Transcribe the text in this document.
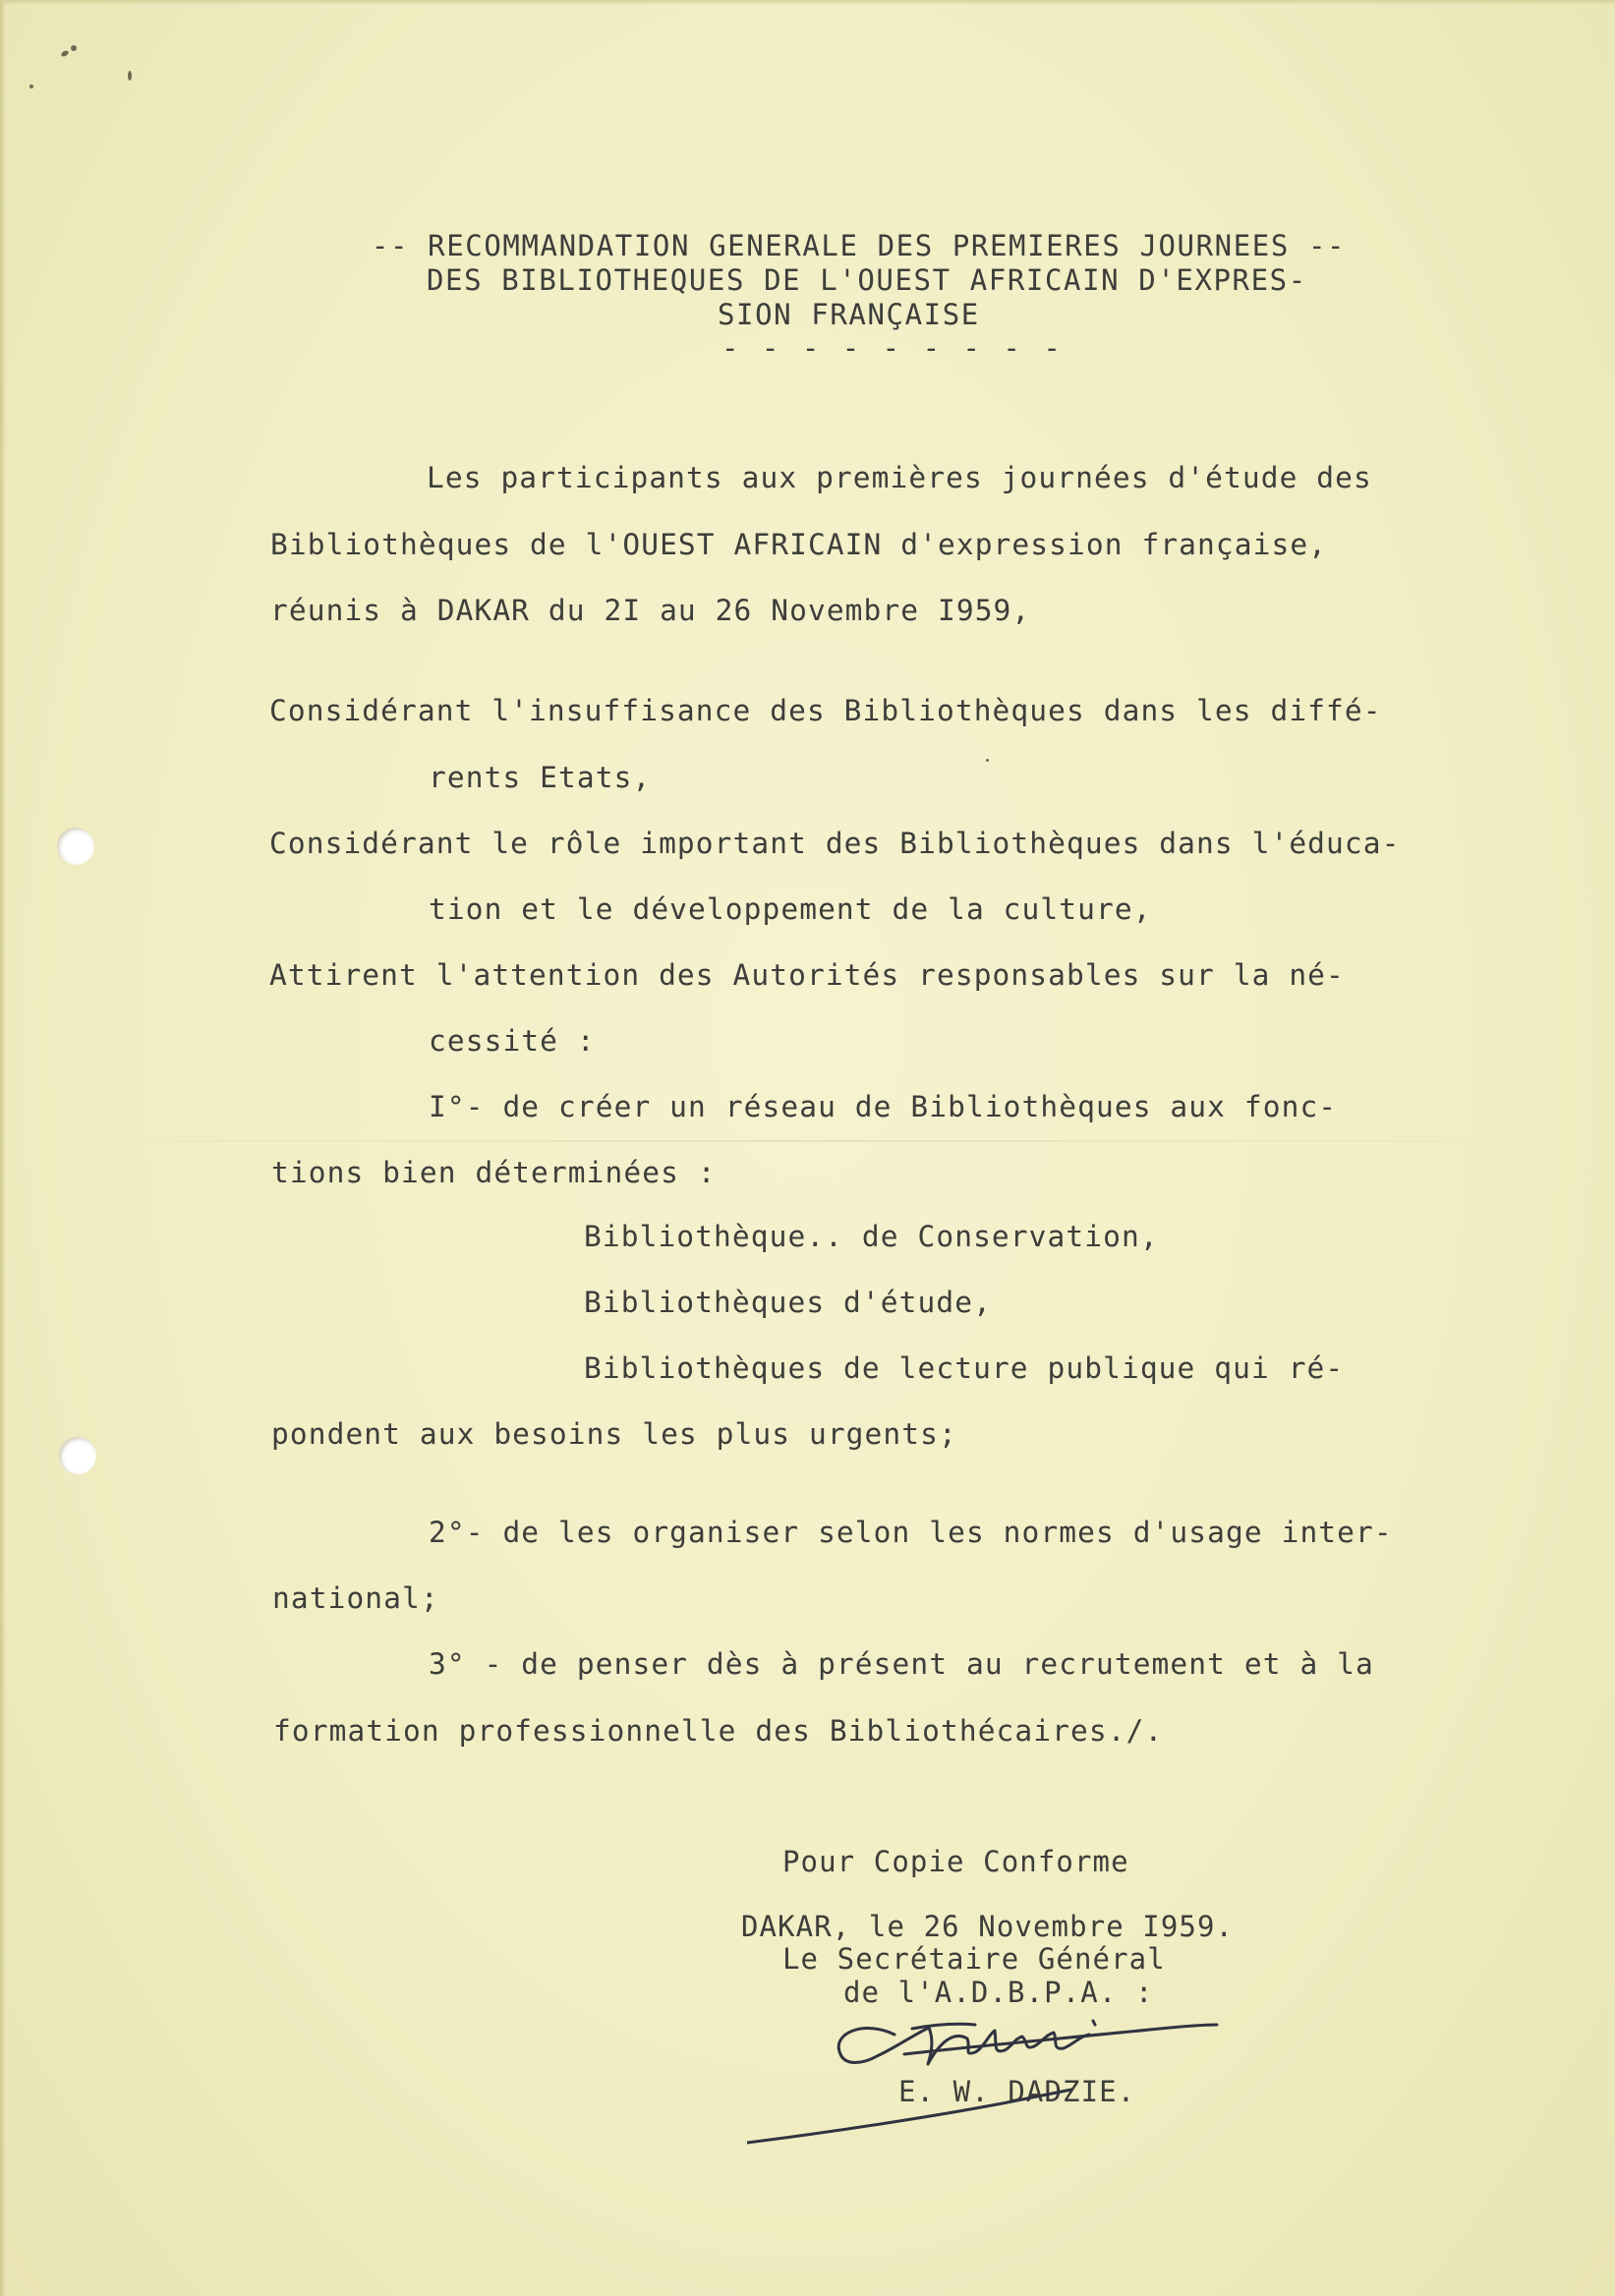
-- RECOMMANDATION GENERALE DES PREMIERES JOURNEES --
DES BIBLIOTHEQUES DE L'OUEST AFRICAIN D'EXPRES-
SION FRANÇAISE
- - - - - - - - -
Les participants aux premières journées d'étude des
Bibliothèques de l'OUEST AFRICAIN d'expression française,
réunis à DAKAR du 2I au 26 Novembre I959,
Considérant l'insuffisance des Bibliothèques dans les diffé-
rents Etats,
Considérant le rôle important des Bibliothèques dans l'éduca-
tion et le développement de la culture,
Attirent l'attention des Autorités responsables sur la né-
cessité :
I°- de créer un réseau de Bibliothèques aux fonc-
tions bien déterminées :
Bibliothèque.. de Conservation,
Bibliothèques d'étude,
Bibliothèques de lecture publique qui ré-
pondent aux besoins les plus urgents;
2°- de les organiser selon les normes d'usage inter-
national;
3° - de penser dès à présent au recrutement et à la
formation professionnelle des Bibliothécaires./.
Pour Copie Conforme
DAKAR, le 26 Novembre I959.
Le Secrétaire Général
de l'A.D.B.P.A. :
E. W. DADZIE.
